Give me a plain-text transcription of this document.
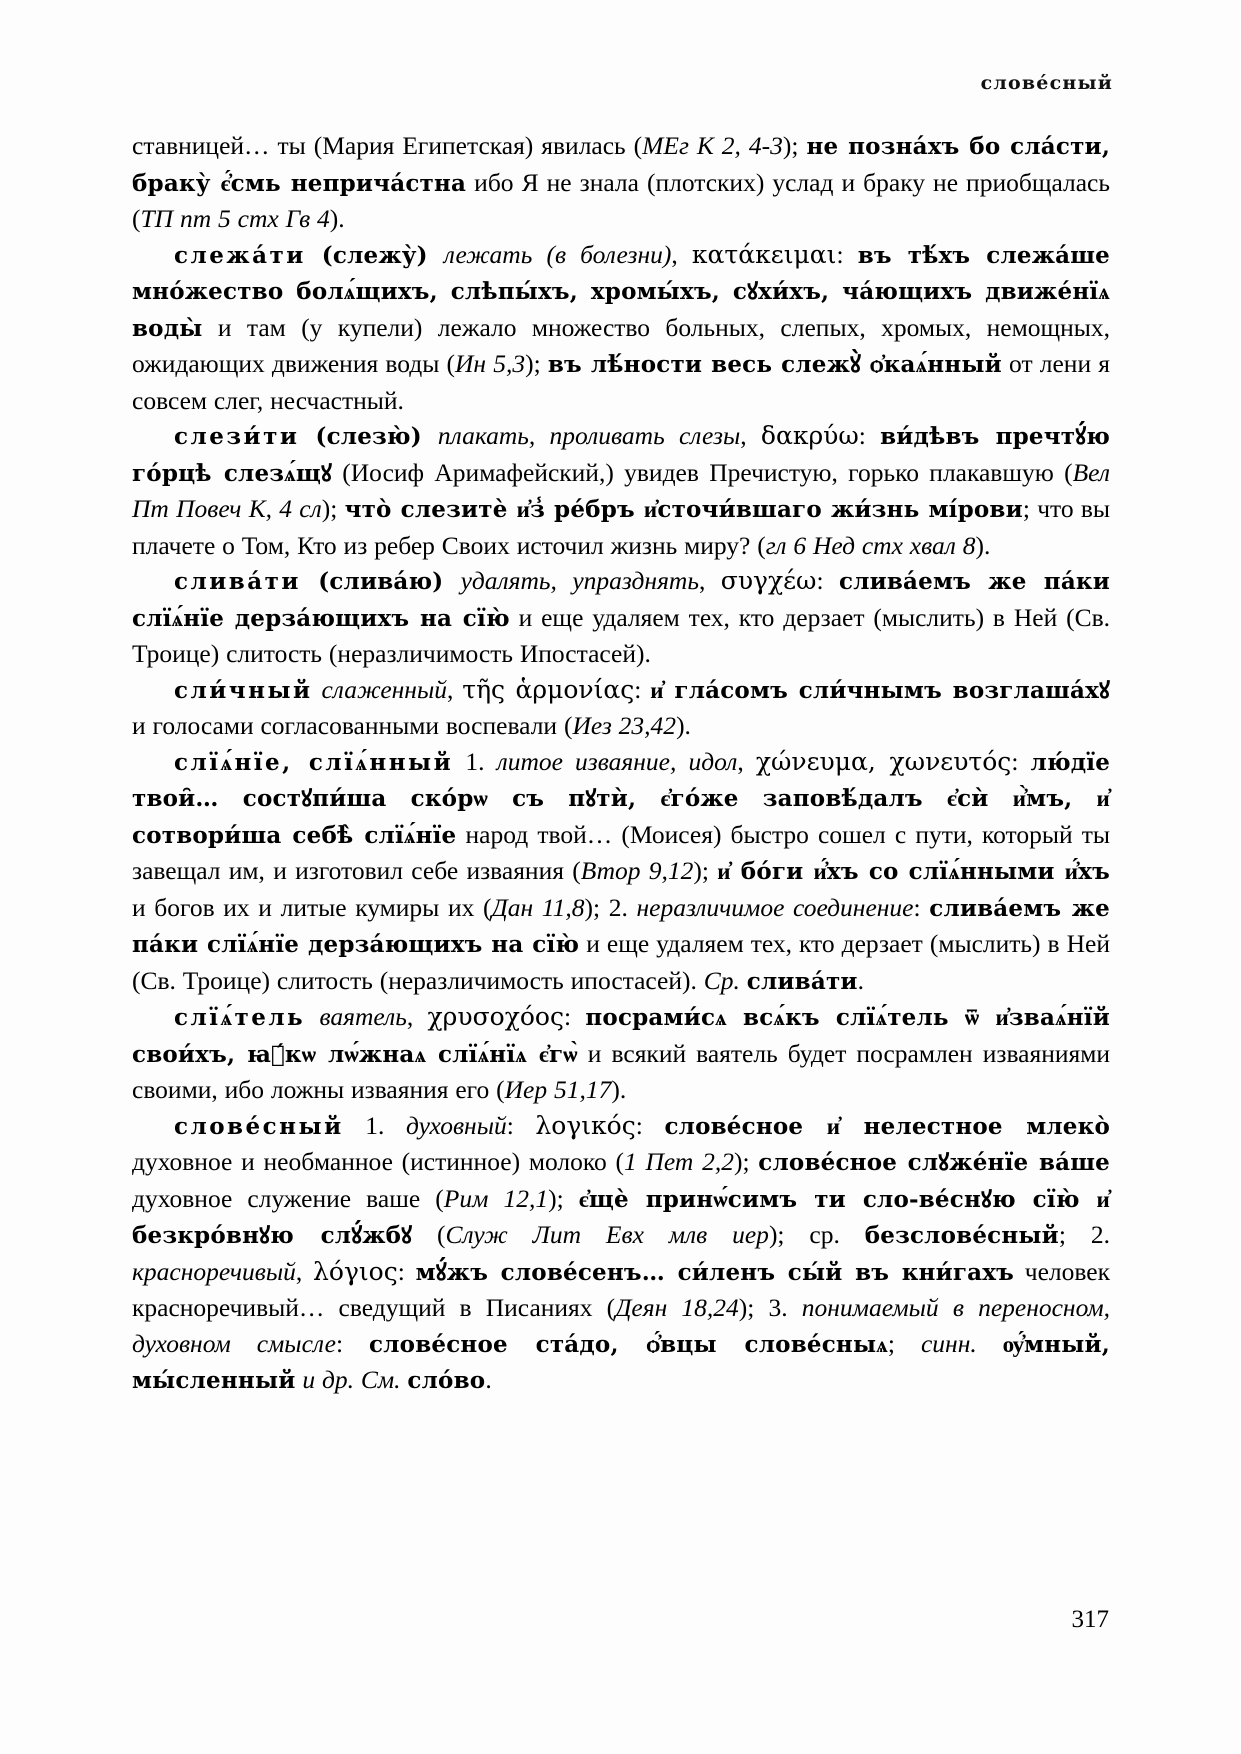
слове́сный

ставницей… ты (Мария Египетская) явилась (МЕг К 2, 4-3); не позна́хъ бо сла́сти, браку̀ є҆́смь неприча́стна ибо Я не знала (плотских) услад и браку не приобщалась (ТП пт 5 стх Гв 4).

слежа́ти (слежу̀) лежать (в болезни), κατάκειμαι: въ тѣ́хъ слежа́ше мно́жество болѧ́щихъ, слѣпы́хъ, хромы́хъ, сꙋхи́хъ, ча́ющихъ движе́нїѧ воды̀ и там (у купели) лежало множество больных, слепых, хромых, немощных, ожидающих движения воды (Ин 5,3); въ лѣ́ности весь слежꙋ̀ ѻ҆каѧ́нный от лени я совсем слег, несчастный.

слези́ти (слезю̀) плакать, проливать слезы, δακρύω: ви́дѣвъ пречтꙋ́ю го́рцѣ слезѧ́щꙋ (Иосиф Аримафейский,) увидев Пречистую, горько плакавшую (Вел Пт Повеч К, 4 сл); что̀ слезитѐ и҆з̾ ре́бръ и҆сточи́вшаго жи́знь мі́рови; что вы плачете о Том, Кто из ребер Своих источил жизнь миру? (гл 6 Нед стх хвал 8).

слива́ти (слива́ю) удалять, упразднять, συγχέω: слива́емъ же па́ки слїѧ́нїе дерза́ющихъ на сїю̀ и еще удаляем тех, кто дерзает (мыслить) в Ней (Св. Троице) слитость (неразличимость Ипостасей).

сли́чный слаженный, τῆς ἁρμονίας: и҆ гла́сомъ сли́чнымъ возглаша́хꙋ и голосами согласованными воспевали (Иез 23,42).

слїѧ́нїе, слїѧ́нный 1. литое изваяние, идол, χώνευμα, χωνευτός: лю́дїе твои̑… состꙋпи́ша ско́рѡ съ пꙋтѝ, є҆го́же заповѣ́далъ є҆сѝ и҆̀мъ, и҆ сотвори́ша себѣ̀ слїѧ́нїе народ твой… (Моисея) быстро сошел с пути, который ты завещал им, и изготовил себе изваяния (Втор 9,12); и҆ бо́ги и҆́хъ со слїѧ́нными и҆́хъ и богов их и литые кумиры их (Дан 11,8); 2. неразличимое соединение: слива́емъ же па́ки слїѧ́нїе дерза́ющихъ на сїю̀ и еще удаляем тех, кто дерзает (мыслить) в Ней (Св. Троице) слитость (неразличимость ипостасей). Ср. слива́ти.

слїѧ́тель ваятель, χρυσοχόος: посрами́сѧ всѧ́къ слїѧ́тель ѿ и҆зваѧ́нїй свои́хъ, ꙗ҆́кѡ лѡ́жнаѧ слїѧ́нїѧ є҆гѡ̀ и всякий ваятель будет посрамлен изваяниями своими, ибо ложны изваяния его (Иер 51,17).

слове́сный 1. духовный: λογικός: слове́сное и҆ нелестное млеко̀ духовное и необманное (истинное) молоко (1 Пет 2,2); слове́сное слꙋже́нїе ва́ше духовное служение ваше (Рим 12,1); є҆щѐ принѡ́симъ ти сло-ве́снꙋю сїю̀ и҆ безкро́внꙋю слꙋ́жбꙋ (Служ Лит Евх млв иер); ср. безслове́сный; 2. красноречивый, λόγιος: мꙋ́жъ слове́сенъ… си́ленъ сы́й въ кни́гахъ человек красноречивый… сведущий в Писаниях (Деян 18,24); 3. понимаемый в переносном, духовном смысле: слове́сное ста́до, ѻ҆́вцы слове́сныѧ; синн. ѹ҆́мный, мы́сленный и др. См. сло́во.

317
